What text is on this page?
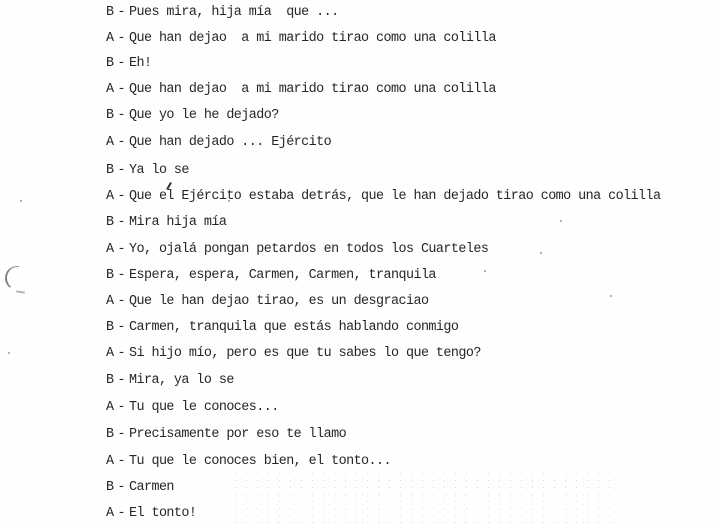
B - Pues mira, hija mía  que ...
A - Que han dejao  a mi marido tirao como una colilla
B - Eh!
A - Que han dejao  a mi marido tirao como una colilla
B - Que yo le he dejado?
A - Que han dejado ... Ejército
B - Ya lo se
A - Que el Ejército estaba detrás, que le han dejado tirao como una colilla
B - Mira hija mía
A - Yo, ojalá pongan petardos en todos los Cuarteles
B - Espera, espera, Carmen, Carmen, tranquila
A - Que le han dejao tirao, es un desgraciao
B - Carmen, tranquila que estás hablando conmigo
A - Si hijo mío, pero es que tu sabes lo que tengo?
B - Mira, ya lo se
A - Tu que le conoces...
B - Precisamente por eso te llamo
A - Tu que le conoces bien, el tonto...
B - Carmen
A - El tonto!
